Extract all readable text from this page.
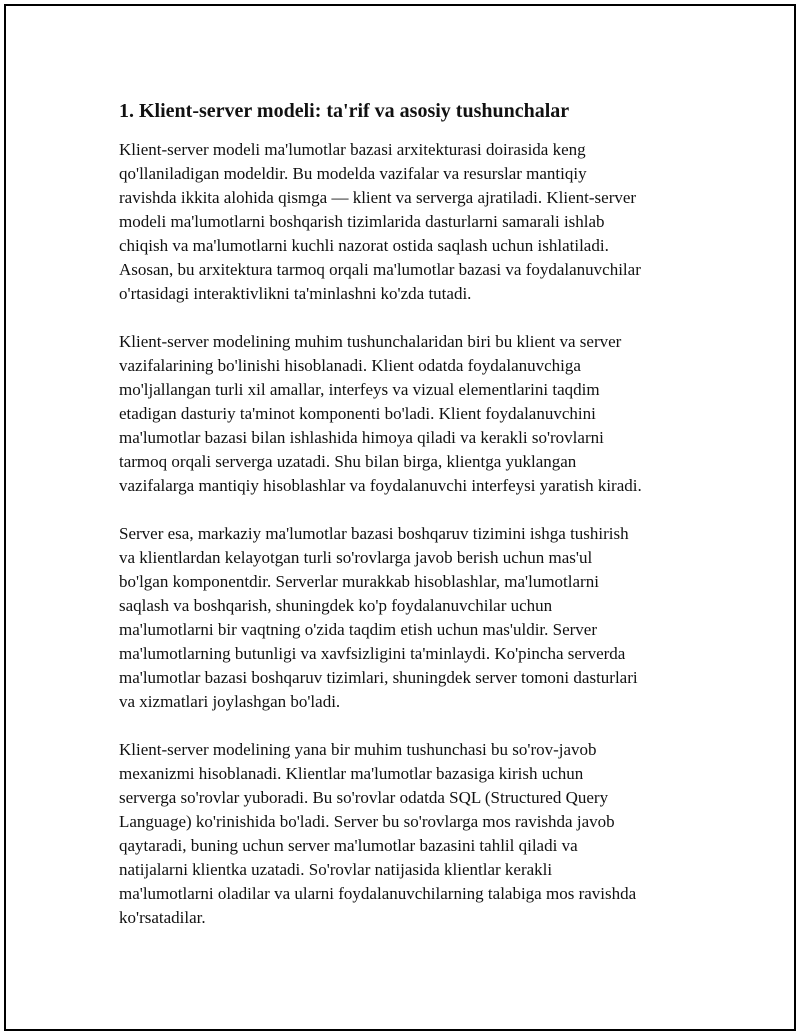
1. Klient-server modeli: ta'rif va asosiy tushunchalar
Klient-server modeli ma'lumotlar bazasi arxitekturasi doirasida keng
qo'llaniladigan modeldir. Bu modelda vazifalar va resurslar mantiqiy
ravishda ikkita alohida qismga — klient va serverga ajratiladi. Klient-server
modeli ma'lumotlarni boshqarish tizimlarida dasturlarni samarali ishlab
chiqish va ma'lumotlarni kuchli nazorat ostida saqlash uchun ishlatiladi.
Asosan, bu arxitektura tarmoq orqali ma'lumotlar bazasi va foydalanuvchilar
o'rtasidagi interaktivlikni ta'minlashni ko'zda tutadi.
Klient-server modelining muhim tushunchalaridan biri bu klient va server
vazifalarining bo'linishi hisoblanadi. Klient odatda foydalanuvchiga
mo'ljallangan turli xil amallar, interfeys va vizual elementlarini taqdim
etadigan dasturiy ta'minot komponenti bo'ladi. Klient foydalanuvchini
ma'lumotlar bazasi bilan ishlashida himoya qiladi va kerakli so'rovlarni
tarmoq orqali serverga uzatadi. Shu bilan birga, klientga yuklangan
vazifalarga mantiqiy hisoblashlar va foydalanuvchi interfeysi yaratish kiradi.
Server esa, markaziy ma'lumotlar bazasi boshqaruv tizimini ishga tushirish
va klientlardan kelayotgan turli so'rovlarga javob berish uchun mas'ul
bo'lgan komponentdir. Serverlar murakkab hisoblashlar, ma'lumotlarni
saqlash va boshqarish, shuningdek ko'p foydalanuvchilar uchun
ma'lumotlarni bir vaqtning o'zida taqdim etish uchun mas'uldir. Server
ma'lumotlarning butunligi va xavfsizligini ta'minlaydi. Ko'pincha serverda
ma'lumotlar bazasi boshqaruv tizimlari, shuningdek server tomoni dasturlari
va xizmatlari joylashgan bo'ladi.
Klient-server modelining yana bir muhim tushunchasi bu so'rov-javob
mexanizmi hisoblanadi. Klientlar ma'lumotlar bazasiga kirish uchun
serverga so'rovlar yuboradi. Bu so'rovlar odatda SQL (Structured Query
Language) ko'rinishida bo'ladi. Server bu so'rovlarga mos ravishda javob
qaytaradi, buning uchun server ma'lumotlar bazasini tahlil qiladi va
natijalarni klientka uzatadi. So'rovlar natijasida klientlar kerakli
ma'lumotlarni oladilar va ularni foydalanuvchilarning talabiga mos ravishda
ko'rsatadilar.
